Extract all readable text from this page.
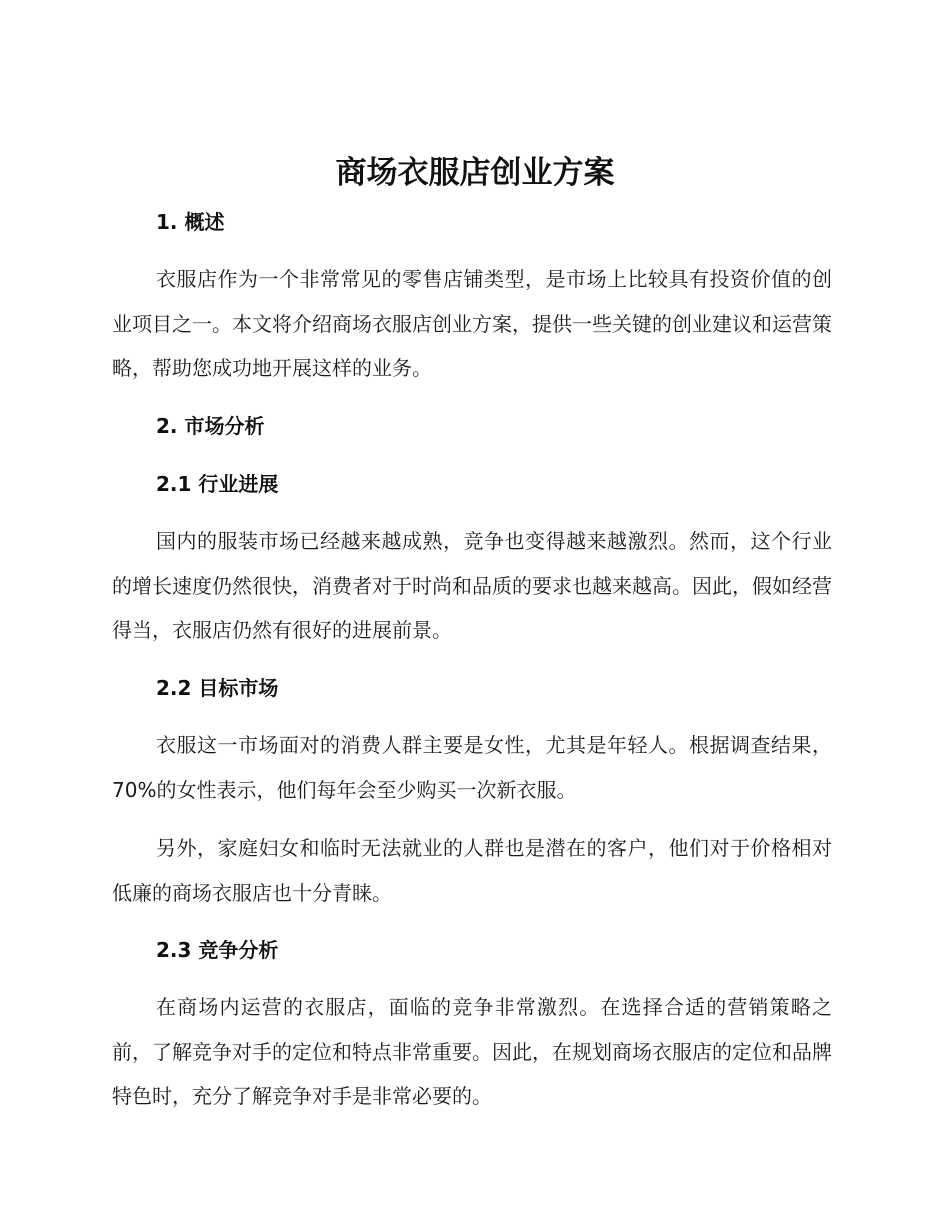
商场衣服店创业方案
1. 概述

衣服店作为一个非常常见的零售店铺类型，是市场上比较具有投资价值的创业项目之一。本文将介绍商场衣服店创业方案，提供一些关键的创业建议和运营策略，帮助您成功地开展这样的业务。

2. 市场分析
2.1 行业进展

国内的服装市场已经越来越成熟，竞争也变得越来越激烈。然而，这个行业的增长速度仍然很快，消费者对于时尚和品质的要求也越来越高。因此，假如经营得当，衣服店仍然有很好的进展前景。

2.2 目标市场

衣服这一市场面对的消费人群主要是女性，尤其是年轻人。根据调查结果，70%的女性表示，他们每年会至少购买一次新衣服。

另外，家庭妇女和临时无法就业的人群也是潜在的客户，他们对于价格相对低廉的商场衣服店也十分青睐。

2.3 竞争分析

在商场内运营的衣服店，面临的竞争非常激烈。在选择合适的营销策略之前，了解竞争对手的定位和特点非常重要。因此，在规划商场衣服店的定位和品牌特色时，充分了解竞争对手是非常必要的。
